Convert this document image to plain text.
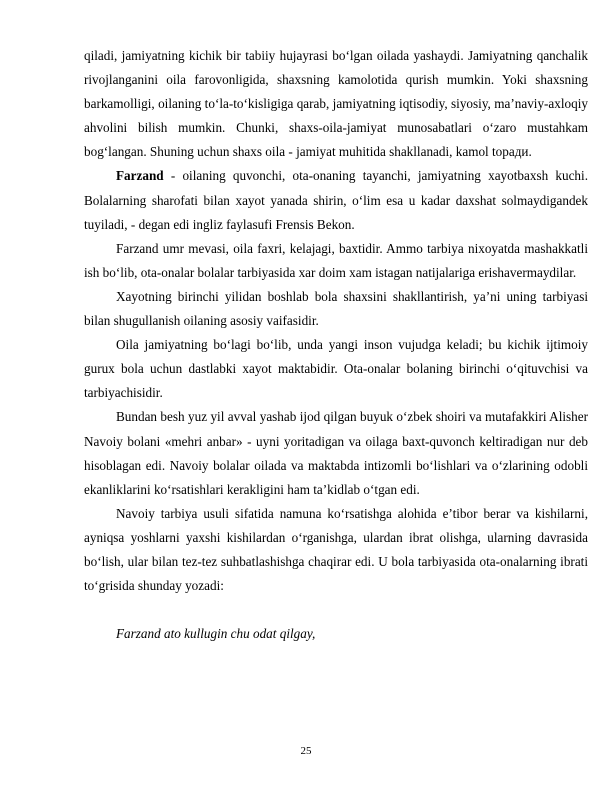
qiladi, jamiyatning kichik bir tabiiy hujayrasi bo‘lgan oilada yashaydi. Jamiyatning qanchalik rivojlanganini oila farovonligida, shaxsning kamolotida qurish mumkin. Yoki shaxsning barkamolligi, oilaning to‘la-to‘kisligiga qarab, jamiyatning iqtisodiy, siyosiy, ma’naviy-axloqiy ahvolini bilish mumkin. Chunki, shaxs-oila-jamiyat munosabatlari o‘zaro mustahkam bog‘langan. Shuning uchun shaxs oila - jamiyat muhitida shakllanadi, kamol topaди.

Farzand - oilaning quvonchi, ota-onaning tayanchi, jamiyatning xayotbaxsh kuchi. Bolalarning sharofati bilan xayot yanada shirin, o‘lim esa u kadar daxshat solmaydigandek tuyiladi, - degan edi ingliz faylasufi Frensis Bekon.

Farzand umr mevasi, oila faxri, kelajagi, baxtidir. Ammo tarbiya nixoyatda mashakkatli ish bo‘lib, ota-onalar bolalar tarbiyasida xar doim xam istagan natijalariga erishavermaydilar.

Xayotning birinchi yilidan boshlab bola shaxsini shakllantirish, ya’ni uning tarbiyasi bilan shugullanish oilaning asosiy vaifasidir.

Oila jamiyatning bo‘lagi bo‘lib, unda yangi inson vujudga keladi; bu kichik ijtimoiy gurux bola uchun dastlabki xayot maktabidir. Ota-onalar bolaning birinchi o‘qituvchisi va tarbiyachisidir.

Bundan besh yuz yil avval yashab ijod qilgan buyuk o‘zbek shoiri va mutafakkiri Alisher Navoiy bolani «mehri anbar» - uyni yoritadigan va oilaga baxt-quvonch keltiradigan nur deb hisoblagan edi. Navoiy bolalar oilada va maktabda intizomli bo‘lishlari va o‘zlarining odobli ekanliklarini ko‘rsatishlari kerakligini ham ta’kidlab o‘tgan edi.

Navoiy tarbiya usuli sifatida namuna ko‘rsatishga alohida e’tibor berar va kishilarni, ayniqsa yoshlarni yaxshi kishilardan o‘rganishga, ulardan ibrat olishga, ularning davrasida bo‘lish, ular bilan tez-tez suhbatlashishga chaqirar edi. U bola tarbiyasida ota-onalarning ibrati to‘grisida shunday yozadi:

Farzand ato kullugin chu odat qilgay,

25
